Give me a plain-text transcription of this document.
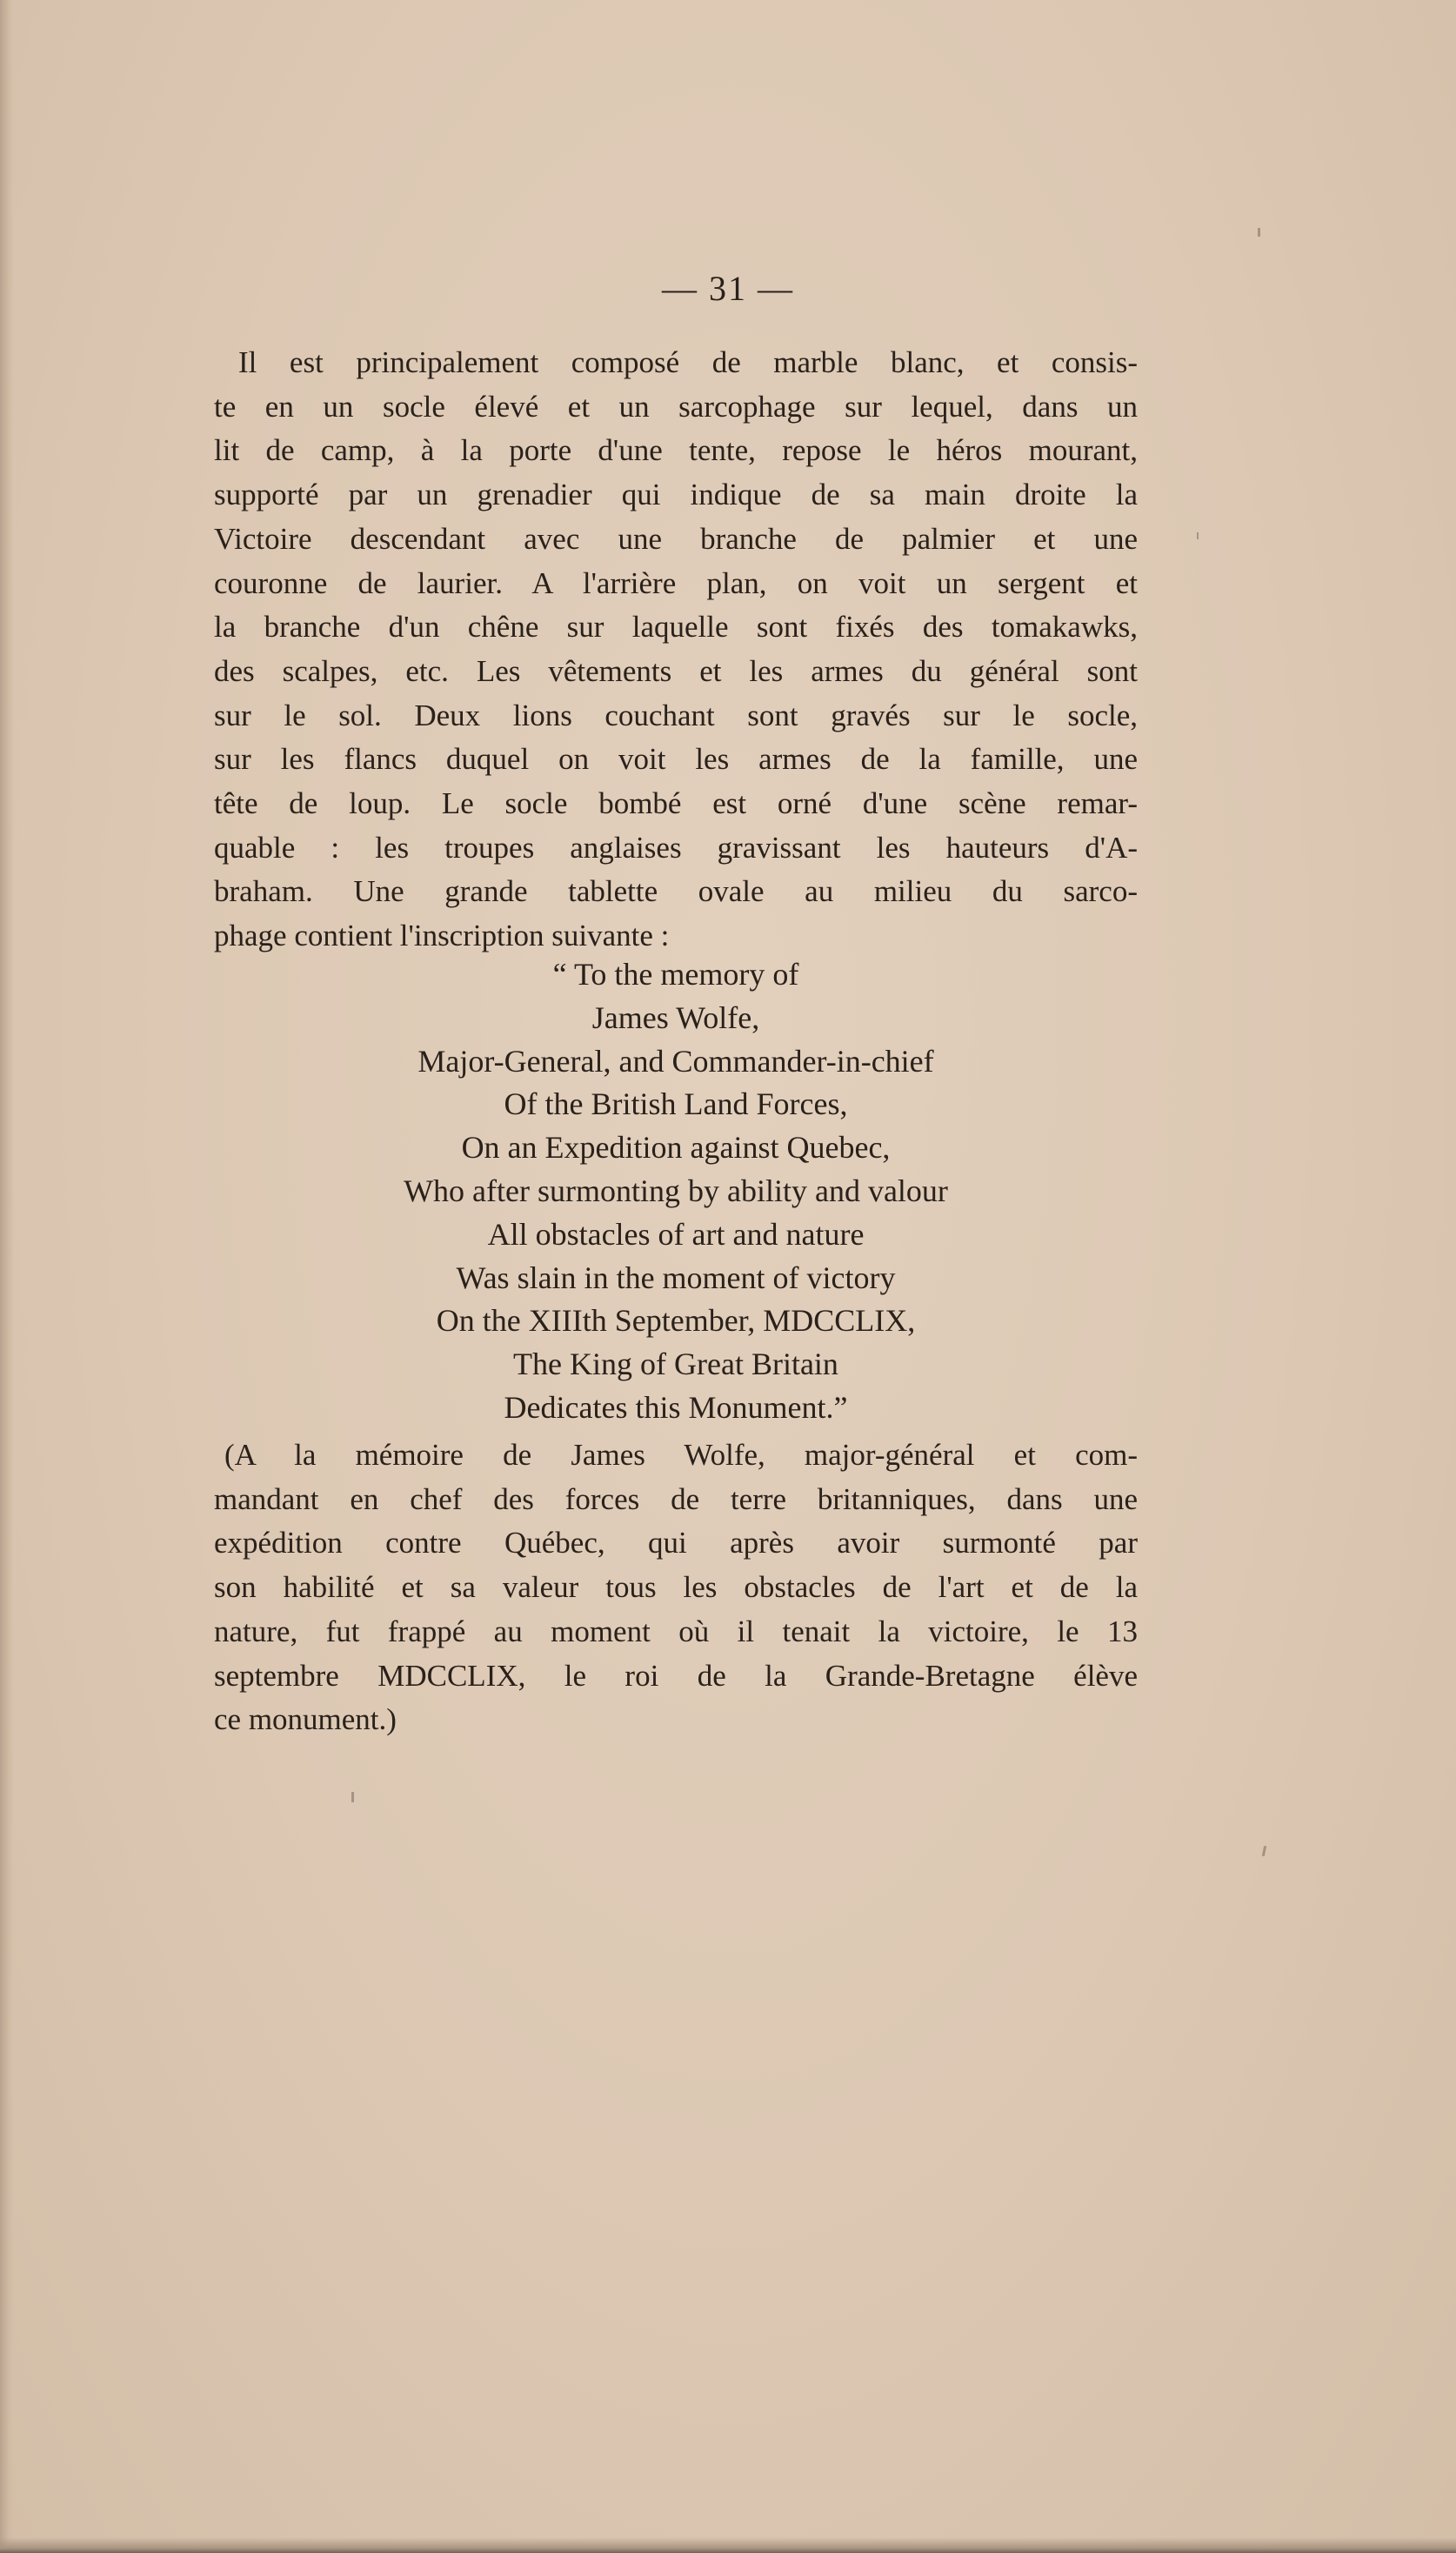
— 31 —
Il est principalement composé de marble blanc, et consis-
te en un socle élevé et un sarcophage sur lequel, dans un
lit de camp, à la porte d'une tente, repose le héros mourant,
supporté par un grenadier qui indique de sa main droite la
Victoire descendant avec une branche de palmier et une
couronne de laurier. A l'arrière plan, on voit un sergent et
la branche d'un chêne sur laquelle sont fixés des tomakawks,
des scalpes, etc. Les vêtements et les armes du général sont
sur le sol. Deux lions couchant sont gravés sur le socle,
sur les flancs duquel on voit les armes de la famille, une
tête de loup. Le socle bombé est orné d'une scène remar-
quable : les troupes anglaises gravissant les hauteurs d'A-
braham. Une grande tablette ovale au milieu du sarco-
phage contient l'inscription suivante :
“ To the memory of
James Wolfe,
Major-General, and Commander-in-chief
Of the British Land Forces,
On an Expedition against Quebec,
Who after surmonting by ability and valour
All obstacles of art and nature
Was slain in the moment of victory
On the XIIIth September, MDCCLIX,
The King of Great Britain
Dedicates this Monument.”
(A la mémoire de James Wolfe, major-général et com-
mandant en chef des forces de terre britanniques, dans une
expédition contre Québec, qui après avoir surmonté par
son habilité et sa valeur tous les obstacles de l'art et de la
nature, fut frappé au moment où il tenait la victoire, le 13
septembre MDCCLIX, le roi de la Grande-Bretagne élève
ce monument.)
